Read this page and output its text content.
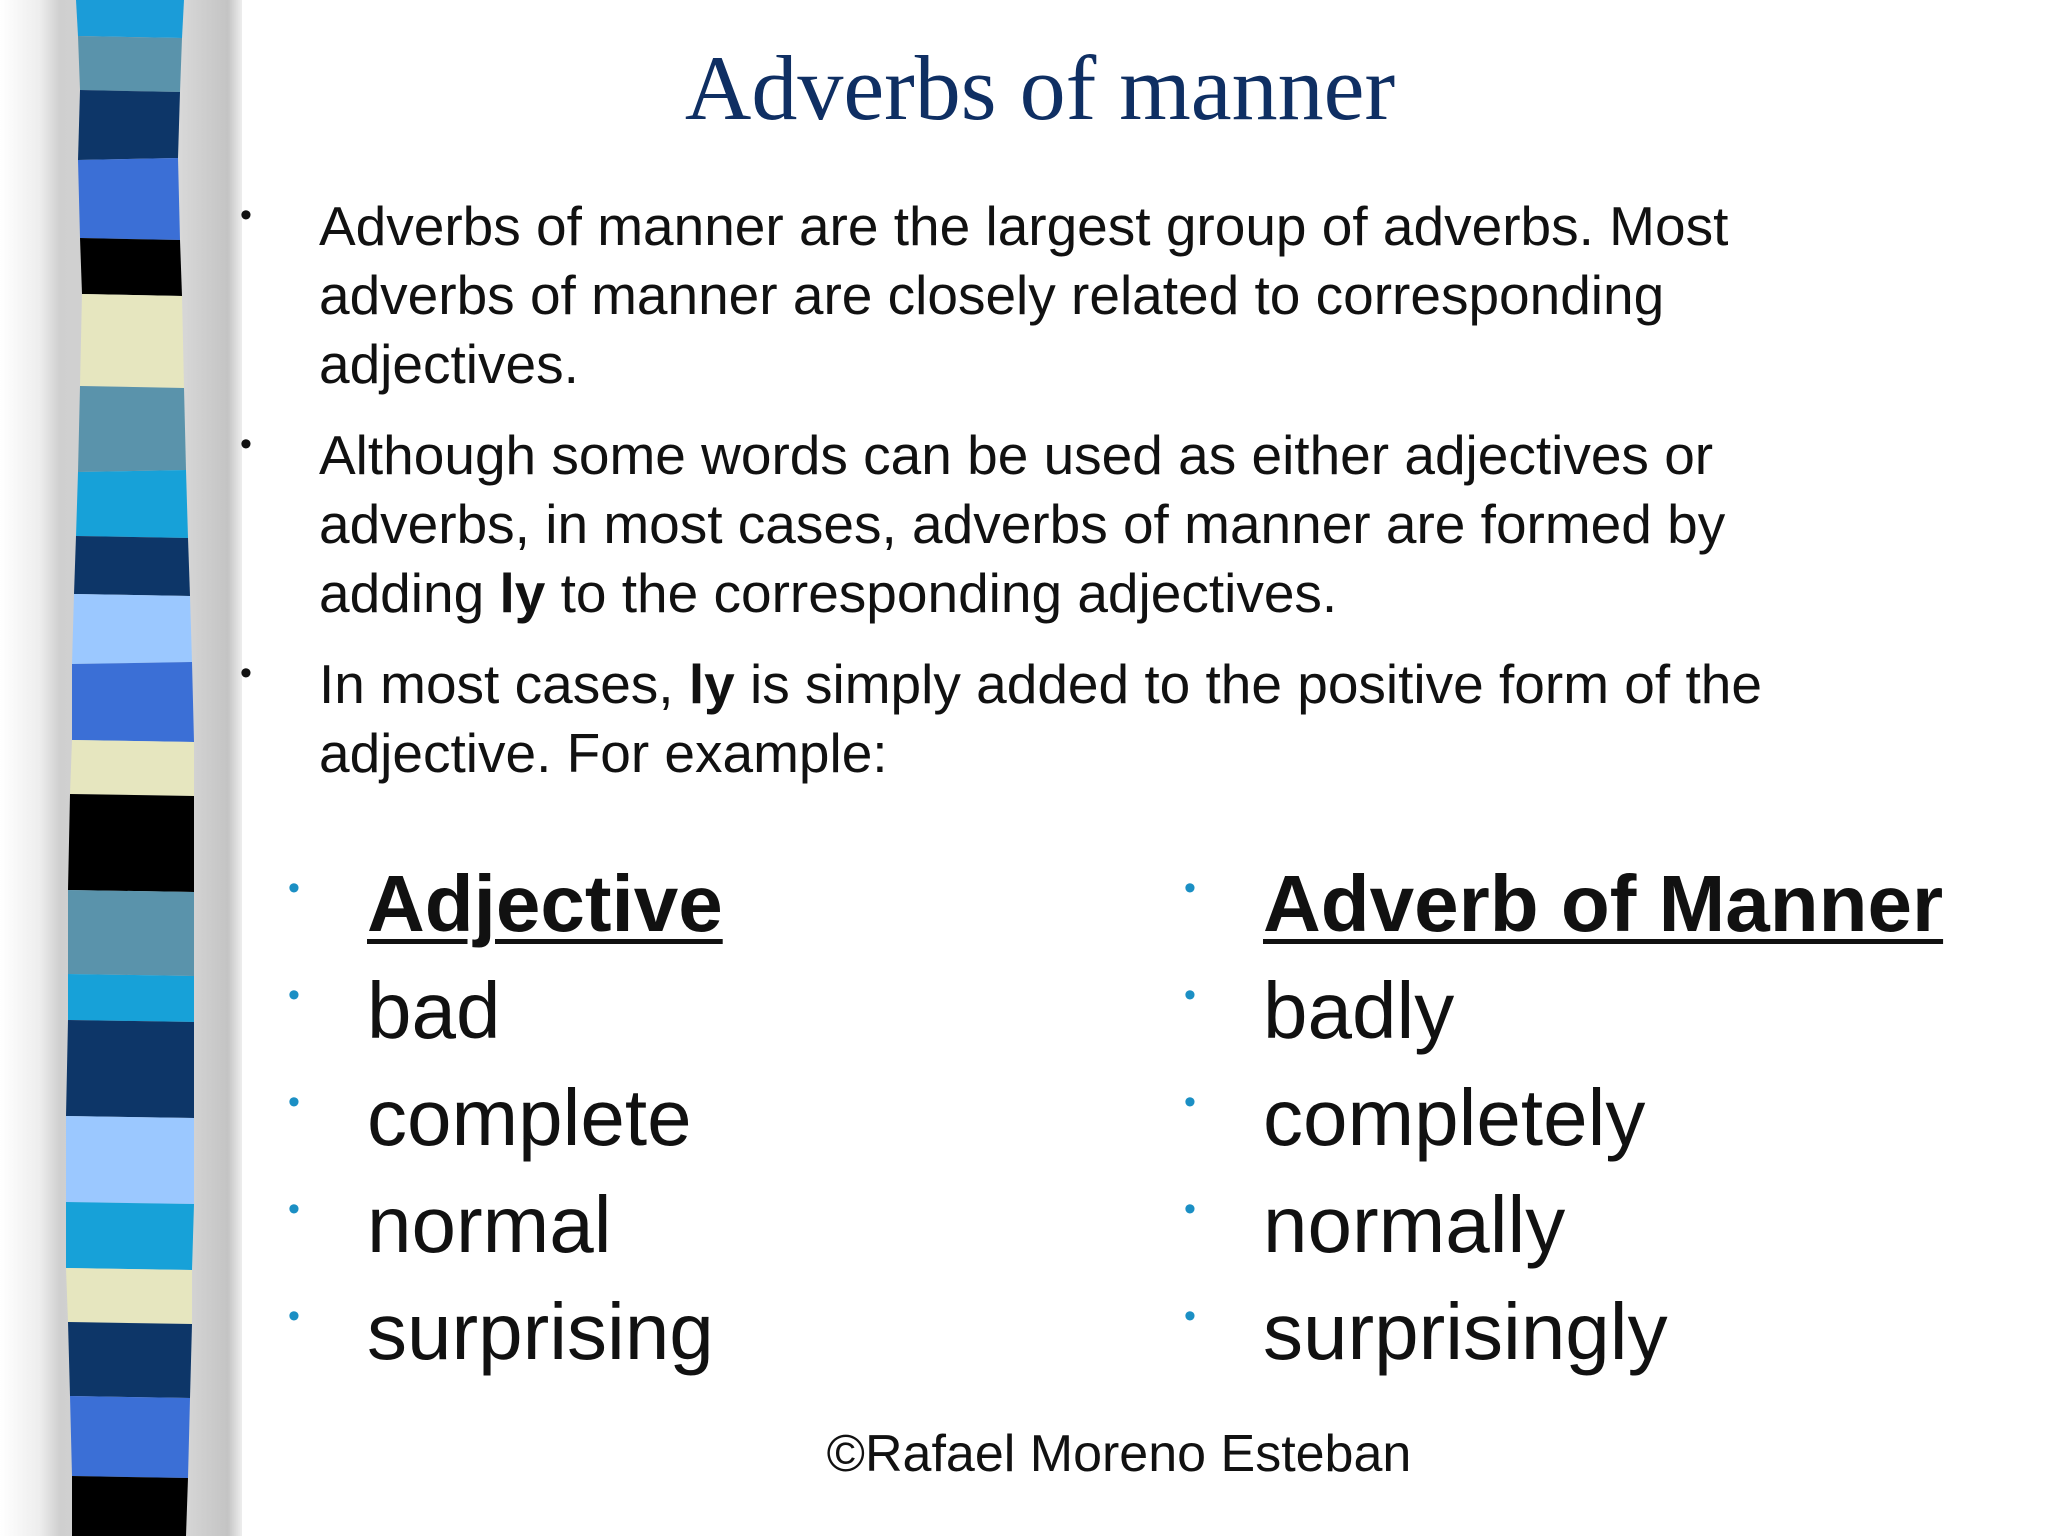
Adverbs of manner
• Adverbs of manner are the largest group of adverbs. Most adverbs of manner are closely related to corresponding adjectives.
• Although some words can be used as either adjectives or adverbs, in most cases, adverbs of manner are formed by adding ly to the corresponding adjectives.
• In most cases, ly is simply added to the positive form of the adjective. For example:
• Adjective
• bad
• complete
• normal
• surprising
• Adverb of Manner
• badly
• completely
• normally
• surprisingly
©Rafael Moreno Esteban
